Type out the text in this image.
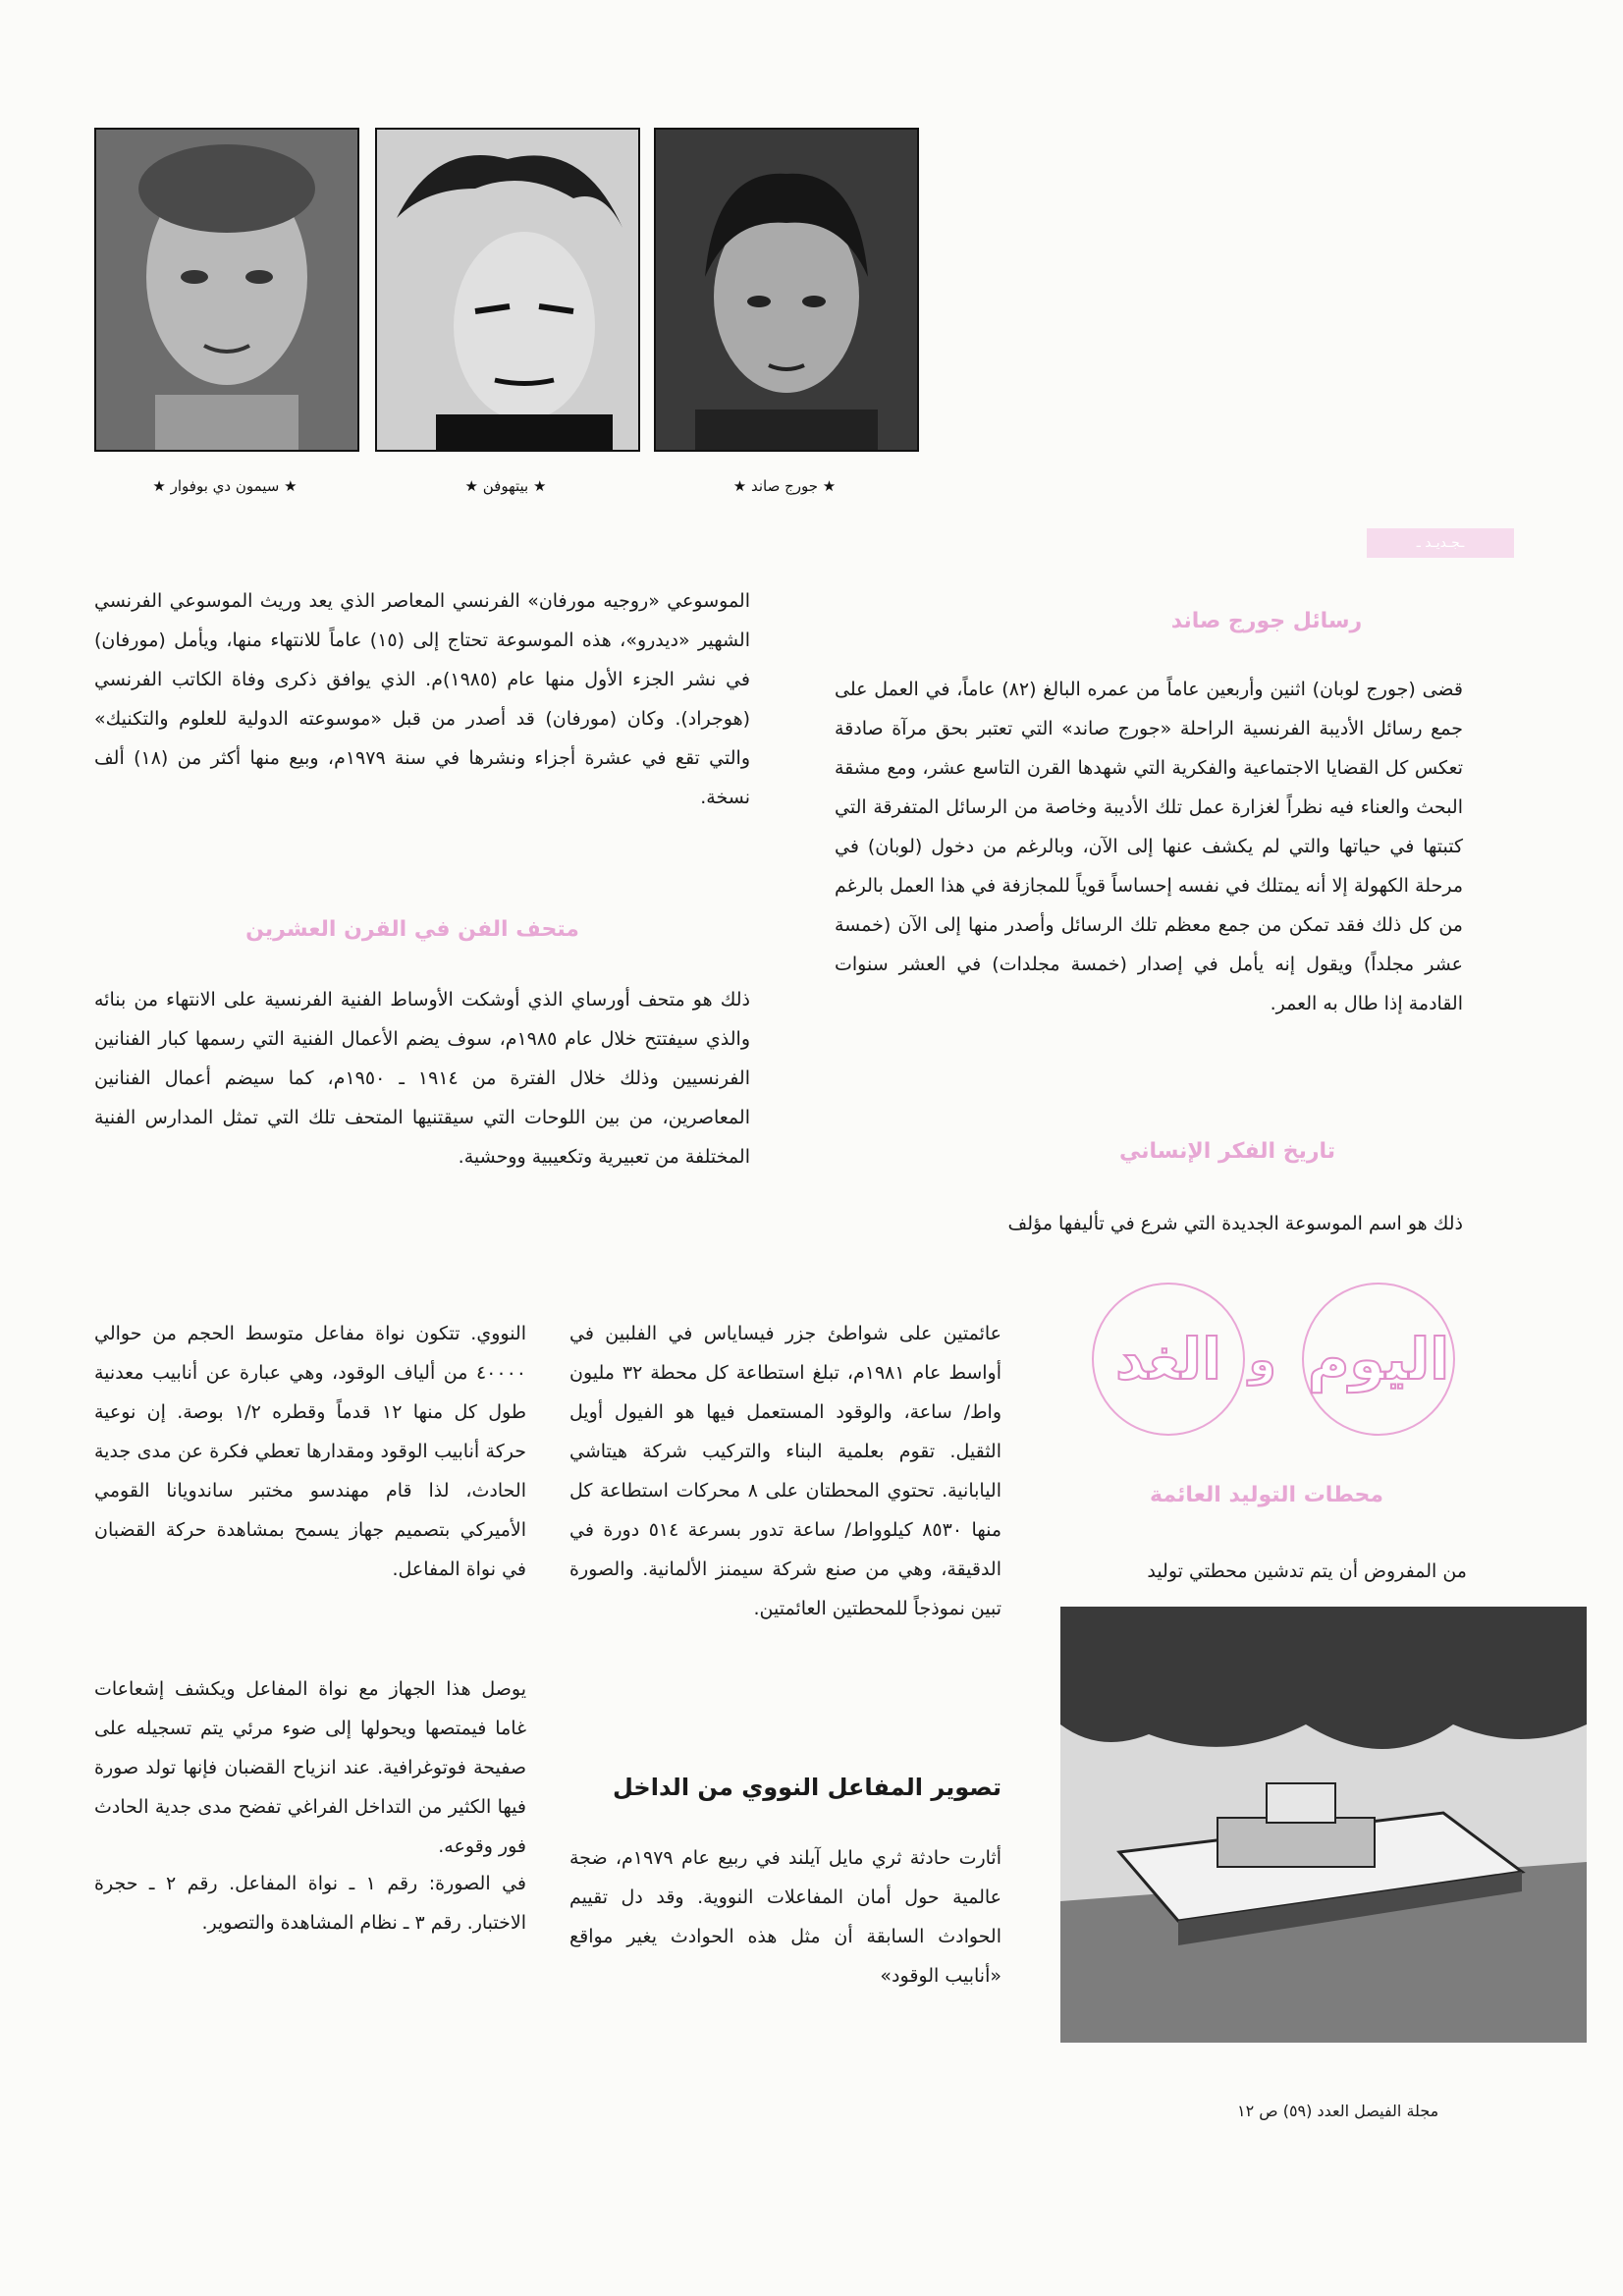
★ سيمون دي بوفوار ★	★ بيتهوفن ★	★ جورج صاند ★
ـجـديـد ـ
رسائل جورج صاند
قضى (جورج لوبان) اثنين وأربعين عاماً من عمره البالغ (٨٢) عاماً، في العمل على جمع رسائل الأديبة الفرنسية الراحلة «جورج صاند» التي تعتبر بحق مرآة صادقة تعكس كل القضايا الاجتماعية والفكرية التي شهدها القرن التاسع عشر، ومع مشقة البحث والعناء فيه نظراً لغزارة عمل تلك الأديبة وخاصة من الرسائل المتفرقة التي كتبتها في حياتها والتي لم يكشف عنها إلى الآن، وبالرغم من دخول (لوبان) في مرحلة الكهولة إلا أنه يمتلك في نفسه إحساساً قوياً للمجازفة في هذا العمل بالرغم من كل ذلك فقد تمكن من جمع معظم تلك الرسائل وأصدر منها إلى الآن (خمسة عشر مجلداً) ويقول إنه يأمل في إصدار (خمسة مجلدات) في العشر سنوات القادمة إذا طال به العمر.
تاريخ الفكر الإنساني
ذلك هو اسم الموسوعة الجديدة التي شرع في تأليفها مؤلف
الموسوعي «روجيه مورفان» الفرنسي المعاصر الذي يعد وريث الموسوعي الفرنسي الشهير «ديدرو»، هذه الموسوعة تحتاج إلى (١٥) عاماً للانتهاء منها، ويأمل (مورفان) في نشر الجزء الأول منها عام (١٩٨٥)م. الذي يوافق ذكرى وفاة الكاتب الفرنسي (هوجراد). وكان (مورفان) قد أصدر من قبل «موسوعته الدولية للعلوم والتكنيك» والتي تقع في عشرة أجزاء ونشرها في سنة ١٩٧٩م، وبيع منها أكثر من (١٨) ألف نسخة.
متحف الفن في القرن العشرين
ذلك هو متحف أورساي الذي أوشكت الأوساط الفنية الفرنسية على الانتهاء من بنائه والذي سيفتتح خلال عام ١٩٨٥م، سوف يضم الأعمال الفنية التي رسمها كبار الفنانين الفرنسيين وذلك خلال الفترة من ١٩١٤ ـ ١٩٥٠م، كما سيضم أعمال الفنانين المعاصرين، من بين اللوحات التي سيقتنيها المتحف تلك التي تمثل المدارس الفنية المختلفة من تعبيرية وتكعيبية ووحشية.
الغد و اليوم
محطات التوليد العائمة
من المفروض أن يتم تدشين محطتي توليد
عائمتين على شواطئ جزر فيساياس في الفلبين في أواسط عام ١٩٨١م، تبلغ استطاعة كل محطة ٣٢ مليون واط/ ساعة، والوقود المستعمل فيها هو الفيول أويل الثقيل. تقوم بعلمية البناء والتركيب شركة هيتاشي اليابانية. تحتوي المحطتان على ٨ محركات استطاعة كل منها ٨٥٣٠ كيلوواط/ ساعة تدور بسرعة ٥١٤ دورة في الدقيقة، وهي من صنع شركة سيمنز الألمانية. والصورة تبين نموذجاً للمحطتين العائمتين.
تصوير المفاعل النووي من الداخل
أثارت حادثة ثري مايل آيلند في ربيع عام ١٩٧٩م، ضجة عالمية حول أمان المفاعلات النووية. وقد دل تقييم الحوادث السابقة أن مثل هذه الحوادث يغير مواقع «أنابيب الوقود»
النووي. تتكون نواة مفاعل متوسط الحجم من حوالي ٤٠٠٠٠ من ألياف الوقود، وهي عبارة عن أنابيب معدنية طول كل منها ١٢ قدماً وقطره ١/٢ بوصة. إن نوعية حركة أنابيب الوقود ومقدارها تعطي فكرة عن مدى جدية الحادث، لذا قام مهندسو مختبر ساندويانا القومي الأميركي بتصميم جهاز يسمح بمشاهدة حركة القضبان في نواة المفاعل.
يوصل هذا الجهاز مع نواة المفاعل ويكشف إشعاعات غاما فيمتصها ويحولها إلى ضوء مرئي يتم تسجيله على صفيحة فوتوغرافية. عند انزياح القضبان فإنها تولد صورة فيها الكثير من التداخل الفراغي تفضح مدى جدية الحادث فور وقوعه.
في الصورة: رقم ١ ـ نواة المفاعل. رقم ٢ ـ حجرة الاختبار. رقم ٣ ـ نظام المشاهدة والتصوير.
مجلة الفيصل العدد (٥٩) ص ١٢
